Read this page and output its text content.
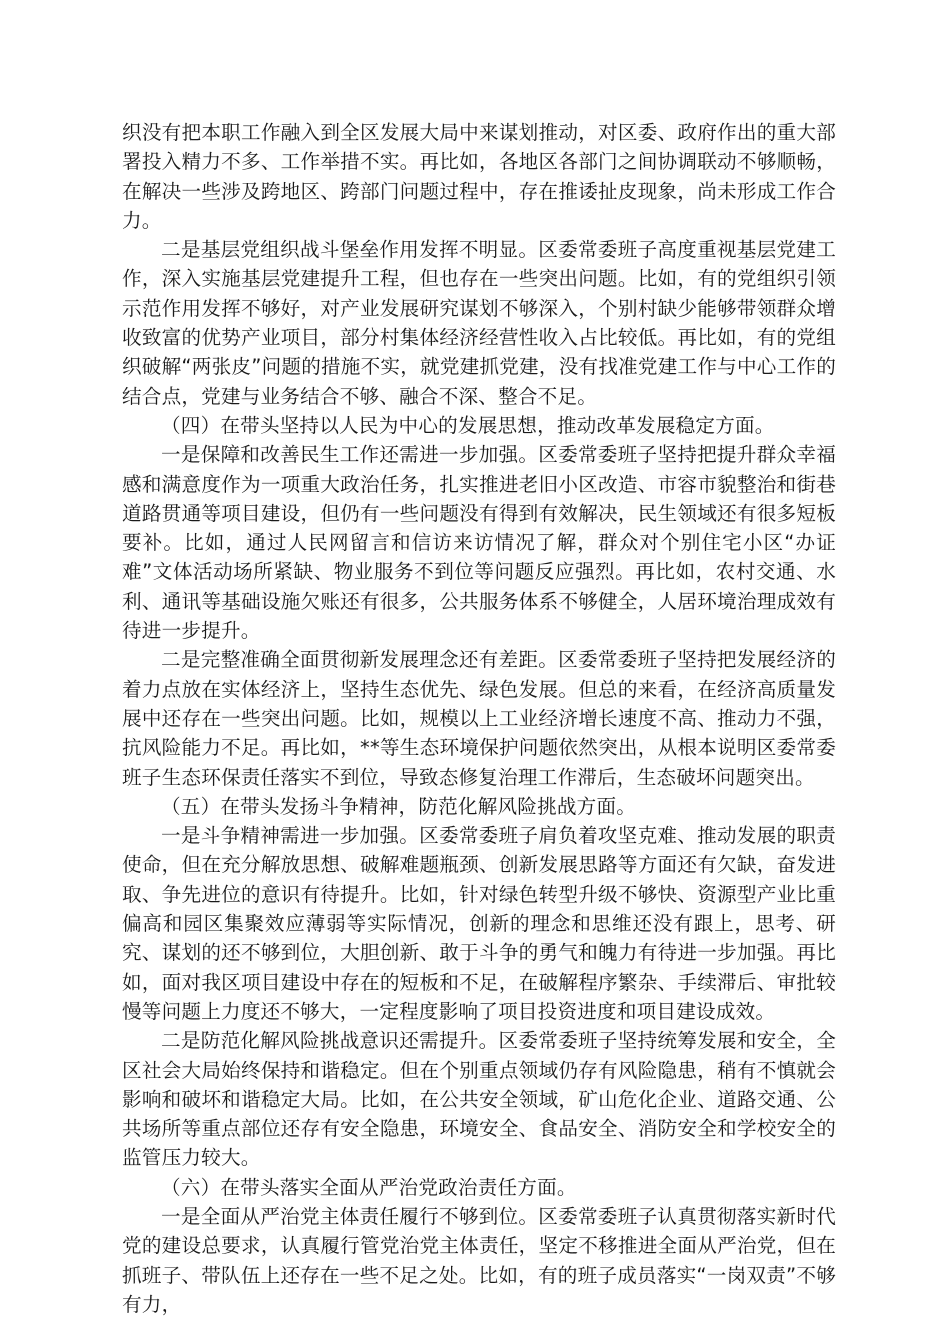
织没有把本职工作融入到全区发展大局中来谋划推动，对区委、政府作出的重大部署投入精力不多、工作举措不实。再比如，各地区各部门之间协调联动不够顺畅，在解决一些涉及跨地区、跨部门问题过程中，存在推诿扯皮现象，尚未形成工作合力。

二是基层党组织战斗堡垒作用发挥不明显。区委常委班子高度重视基层党建工作，深入实施基层党建提升工程，但也存在一些突出问题。比如，有的党组织引领示范作用发挥不够好，对产业发展研究谋划不够深入，个别村缺少能够带领群众增收致富的优势产业项目，部分村集体经济经营性收入占比较低。再比如，有的党组织破解“两张皮”问题的措施不实，就党建抓党建，没有找准党建工作与中心工作的结合点，党建与业务结合不够、融合不深、整合不足。

（四）在带头坚持以人民为中心的发展思想，推动改革发展稳定方面。

一是保障和改善民生工作还需进一步加强。区委常委班子坚持把提升群众幸福感和满意度作为一项重大政治任务，扎实推进老旧小区改造、市容市貌整治和街巷道路贯通等项目建设，但仍有一些问题没有得到有效解决，民生领域还有很多短板要补。比如，通过人民网留言和信访来访情况了解，群众对个别住宅小区“办证难”文体活动场所紧缺、物业服务不到位等问题反应强烈。再比如，农村交通、水利、通讯等基础设施欠账还有很多，公共服务体系不够健全，人居环境治理成效有待进一步提升。

二是完整准确全面贯彻新发展理念还有差距。区委常委班子坚持把发展经济的着力点放在实体经济上，坚持生态优先、绿色发展。但总的来看，在经济高质量发展中还存在一些突出问题。比如，规模以上工业经济增长速度不高、推动力不强，抗风险能力不足。再比如，**等生态环境保护问题依然突出，从根本说明区委常委班子生态环保责任落实不到位，导致态修复治理工作滞后，生态破坏问题突出。

（五）在带头发扬斗争精神，防范化解风险挑战方面。

一是斗争精神需进一步加强。区委常委班子肩负着攻坚克难、推动发展的职责使命，但在充分解放思想、破解难题瓶颈、创新发展思路等方面还有欠缺，奋发进取、争先进位的意识有待提升。比如，针对绿色转型升级不够快、资源型产业比重偏高和园区集聚效应薄弱等实际情况，创新的理念和思维还没有跟上，思考、研究、谋划的还不够到位，大胆创新、敢于斗争的勇气和魄力有待进一步加强。再比如，面对我区项目建设中存在的短板和不足，在破解程序繁杂、手续滞后、审批较慢等问题上力度还不够大，一定程度影响了项目投资进度和项目建设成效。

二是防范化解风险挑战意识还需提升。区委常委班子坚持统筹发展和安全，全区社会大局始终保持和谐稳定。但在个别重点领域仍存有风险隐患，稍有不慎就会影响和破坏和谐稳定大局。比如，在公共安全领域，矿山危化企业、道路交通、公共场所等重点部位还存有安全隐患，环境安全、食品安全、消防安全和学校安全的监管压力较大。

（六）在带头落实全面从严治党政治责任方面。

一是全面从严治党主体责任履行不够到位。区委常委班子认真贯彻落实新时代党的建设总要求，认真履行管党治党主体责任，坚定不移推进全面从严治党，但在抓班子、带队伍上还存在一些不足之处。比如，有的班子成员落实“一岗双责”不够有力，
